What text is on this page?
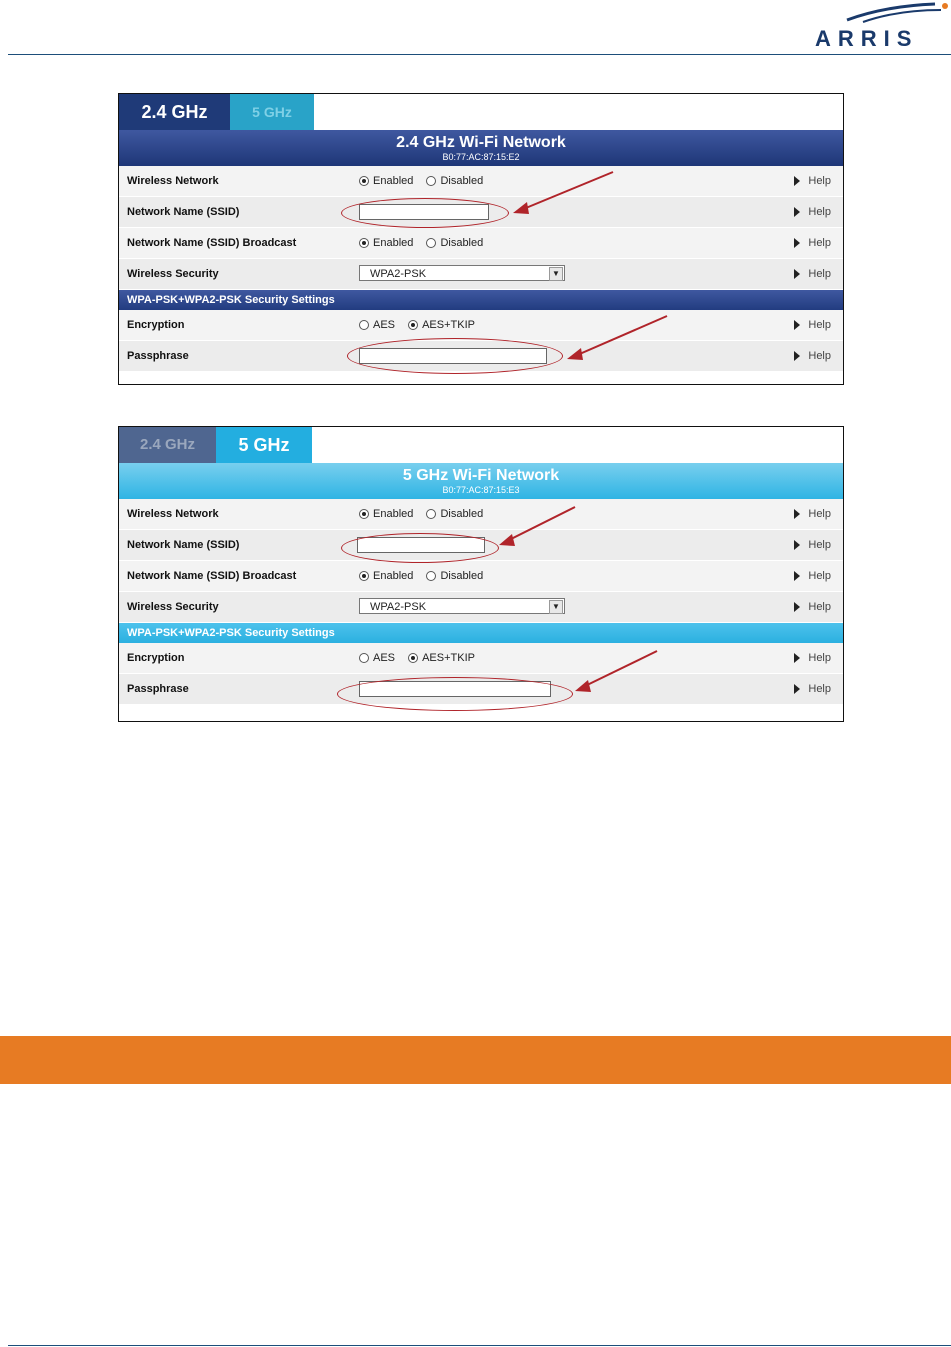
ARRIS
2.4 GHz	5 GHz
2.4 GHz Wi-Fi Network
B0:77:AC:87:15:E2
Wireless Network	Enabled Disabled	Help
Network Name (SSID)	Help
Network Name (SSID) Broadcast	Enabled Disabled	Help
Wireless Security	WPA2-PSK	▼	Help
WPA-PSK+WPA2-PSK Security Settings
Encryption	AES AES+TKIP	Help
Passphrase	Help
2.4 GHz	5 GHz
5 GHz Wi-Fi Network
B0:77:AC:87:15:E3
Wireless Network	Enabled Disabled	Help
Network Name (SSID)	Help
Network Name (SSID) Broadcast	Enabled Disabled	Help
Wireless Security	WPA2-PSK	▼	Help
WPA-PSK+WPA2-PSK Security Settings
Encryption	AES AES+TKIP	Help
Passphrase	Help
